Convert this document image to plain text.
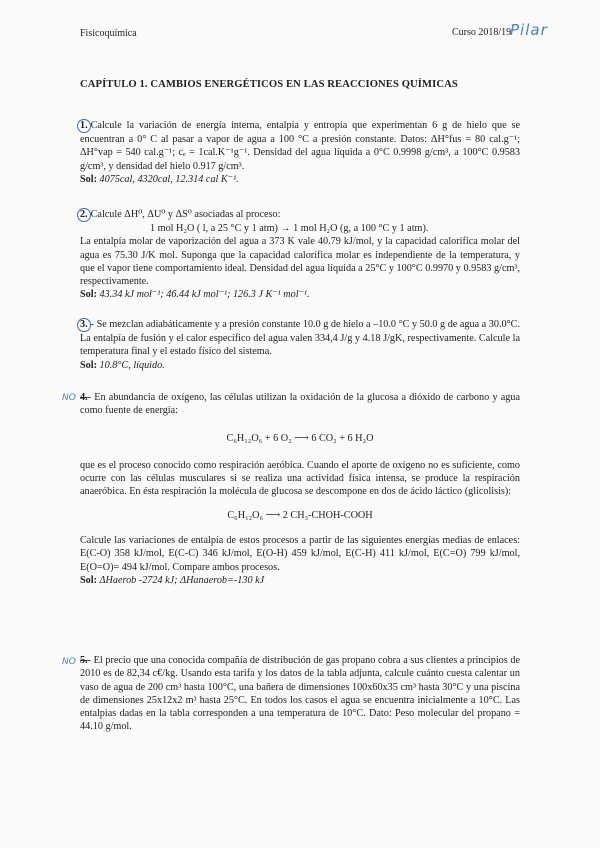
Fisicoquímica	Curso 2018/19
Pilar
CAPÍTULO 1. CAMBIOS ENERGÉTICOS EN LAS REACCIONES QUÍMICAS

1. Calcule la variación de energía interna, entalpía y entropía que experimentan 6 g de hielo que se encuentran a 0° C al pasar a vapor de agua a 100 °C a presión constante. Datos: ΔH°fus = 80 cal.g⁻¹; ΔH°vap = 540 cal.g⁻¹; cₑ = 1cal.K⁻¹g⁻¹. Densidad del agua líquida a 0°C 0.9998 g/cm³, a 100°C 0.9583 g/cm³, y densidad del hielo 0.917 g/cm³.

Sol: 4075cal, 4320cal, 12.314 cal K⁻¹.

2. Calcule ΔH⁰, ΔU⁰ y ΔS⁰ asociadas al proceso:

1 mol H₂O ( l, a 25 °C y 1 atm) → 1 mol H₂O (g, a 100 °C y 1 atm).

La entalpía molar de vaporización del agua a 373 K vale 40.79 kJ/mol, y la capacidad calorífica molar del agua es 75.30 J/K mol. Suponga que la capacidad calorífica molar es independiente de la temperatura, y que el vapor tiene comportamiento ideal. Densidad del agua líquida a 25°C y 100°C 0.9970 y 0.9583 g/cm³, respectivamente.

Sol: 43.34 kJ mol⁻¹; 46.44 kJ mol⁻¹; 126.3 J K⁻¹ mol⁻¹.

3. - Se mezclan adiabáticamente y a presión constante 10.0 g de hielo a –10.0 °C y 50.0 g de agua a 30.0°C. La entalpía de fusión y el calor específico del agua valen 334,4 J/g y 4.18 J/gK, respectivamente. Calcule la temperatura final y el estado físico del sistema.

Sol: 10.8°C, líquido.

NO 4.- En abundancia de oxígeno, las células utilizan la oxidación de la glucosa a dióxido de carbono y agua como fuente de energía:

C₆H₁₂O₆ + 6 O₂ ⟶ 6 CO₂ + 6 H₂O

que es el proceso conocido como respiración aeróbica. Cuando el aporte de oxígeno no es suficiente, como ocurre con las células musculares si se realiza una actividad física intensa, se produce la respiración anaeróbica. En ésta respiración la molécula de glucosa se descompone en dos de ácido láctico (glicolisis):

C₆H₁₂O₆ ⟶ 2 CH₃-CHOH-COOH

Calcule las variaciones de entalpía de estos procesos a partir de las siguientes energías medias de enlaces: E(C-O) 358 kJ/mol, E(C-C) 346 kJ/mol, E(O-H) 459 kJ/mol, E(C-H) 411 kJ/mol, E(C=O) 799 kJ/mol, E(O=O)= 494 kJ/mol. Compare ambos procesos.

Sol: ΔHaerob -2724 kJ; ΔHanaerob=-130 kJ

NO 5.- El precio que una conocida compañía de distribución de gas propano cobra a sus clientes a principios de 2010 es de 82,34 c€/kg. Usando esta tarifa y los datos de la tabla adjunta, calcule cuánto cuesta calentar un vaso de agua de 200 cm³ hasta 100°C, una bañera de dimensiones 100x60x35 cm³ hasta 30°C y una piscina de dimensiones 25x12x2 m³ hasta 25°C. En todos los casos el agua se encuentra inicialmente a 10°C. Las entalpias dadas en la tabla corresponden a una temperatura de 10°C. Dato: Peso molecular del propano = 44.10 g/mol.
